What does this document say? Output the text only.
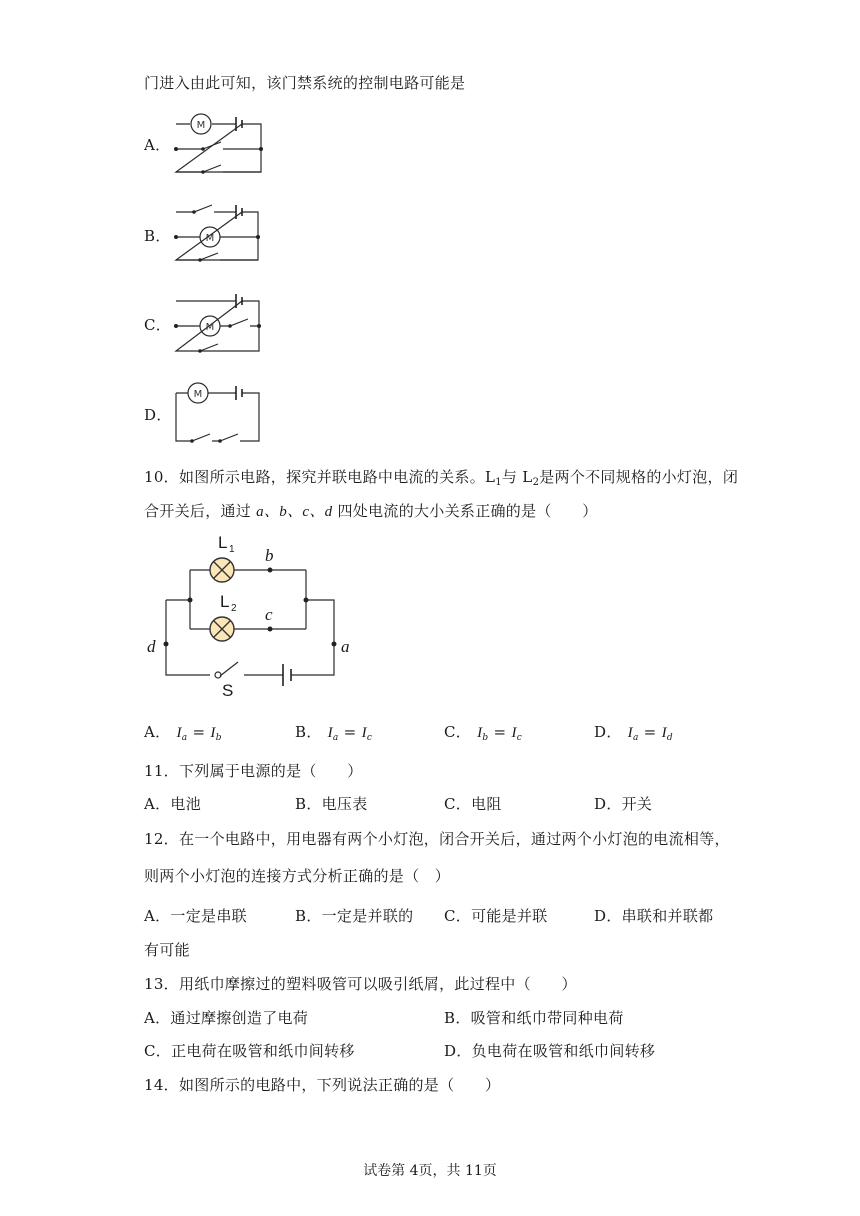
门进入由此可知，该门禁系统的控制电路可能是
A．
M
B．	M
C．	M
D．
M
10．如图所示电路，探究并联电路中电流的关系。$L_1$与 $L_2$是两个不同规格的小灯泡，闭
合开关后，通过 a、b、c、d 四处电流的大小关系正确的是（　　）
L 1
L 2
b
c
d	a
S
A． $I_a = I_b$	B． $I_a = I_c$	C． $I_b = I_c$	D． $I_a = I_d$
11．下列属于电源的是（　　）
A．电池	B．电压表	C．电阻	D．开关
12．在一个电路中，用电器有两个小灯泡，闭合开关后，通过两个小灯泡的电流相等，
则两个小灯泡的连接方式分析正确的是（　）
A．一定是串联	B．一定是并联的 C．可能是并联	D．串联和并联都
有可能
13．用纸巾摩擦过的塑料吸管可以吸引纸屑，此过程中（　　）
A．通过摩擦创造了电荷	B．吸管和纸巾带同种电荷
C．正电荷在吸管和纸巾间转移	D．负电荷在吸管和纸巾间转移
14．如图所示的电路中，下列说法正确的是（　　）
试卷第 4页，共 11页
